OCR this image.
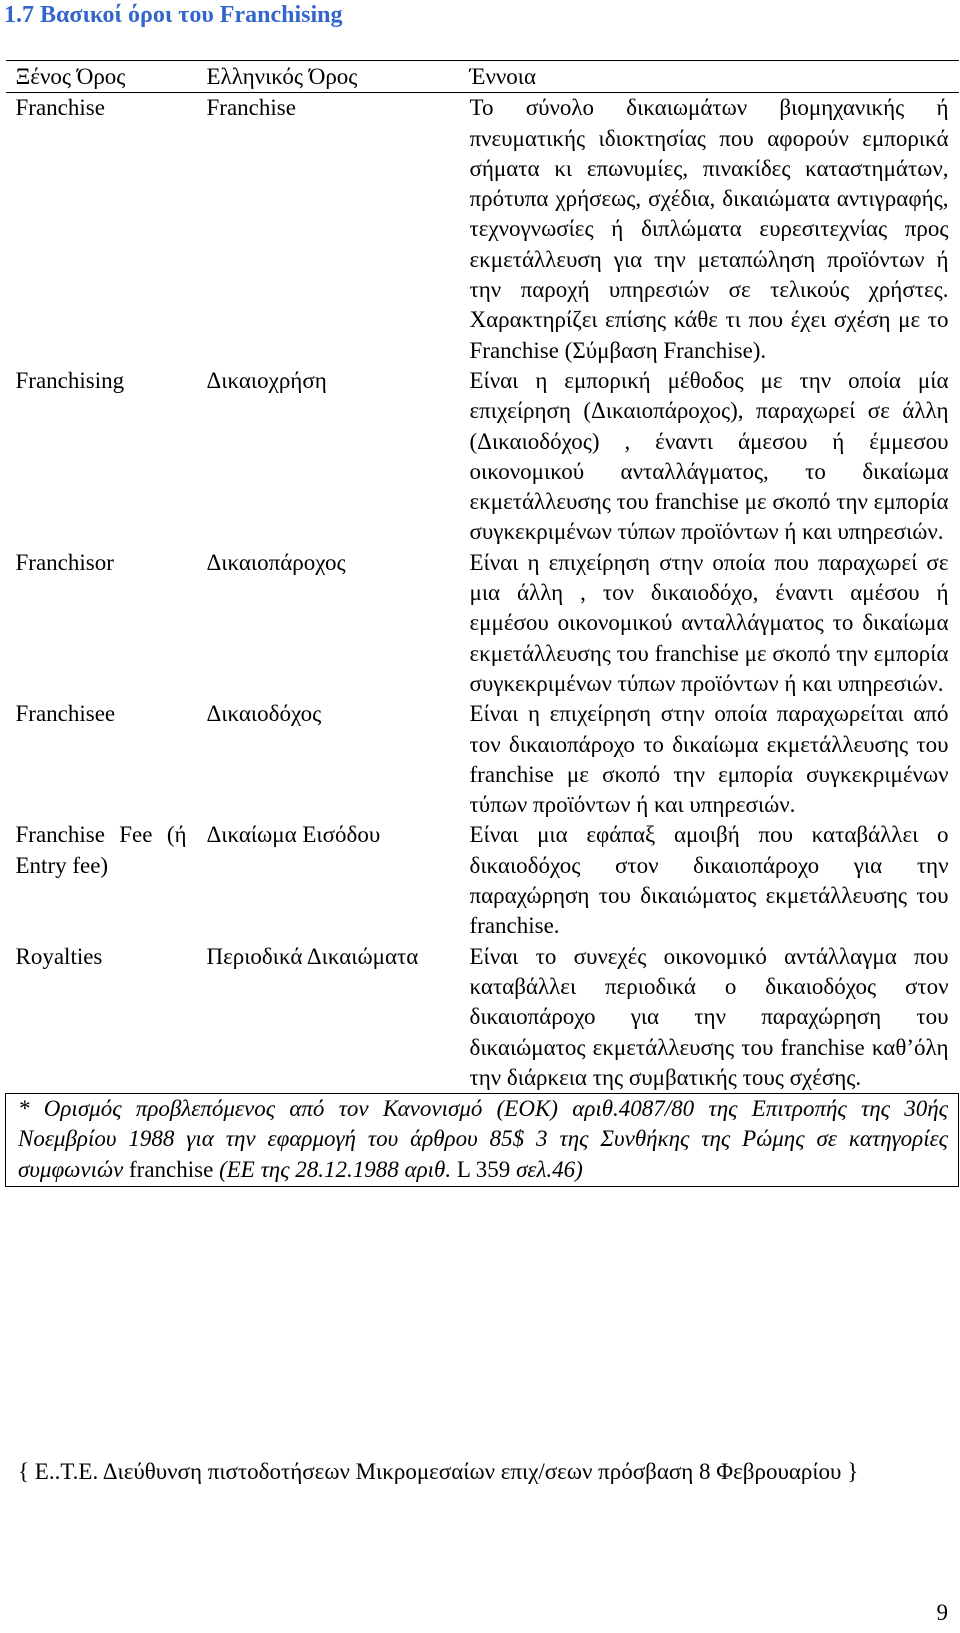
1.7 Βασικοί όροι του Franchising
Ξένος Όρος	Ελληνικός Όρος	Έννοια
Franchise	Franchise	Το σύνολο δικαιωμάτων βιομηχανικής ή πνευματικής ιδιοκτησίας που αφορούν εμπορικά σήματα κι επωνυμίες, πινακίδες καταστημάτων, πρότυπα χρήσεως, σχέδια, δικαιώματα αντιγραφής, τεχνογνωσίες ή διπλώματα ευρεσιτεχνίας προς εκμετάλλευση για την μεταπώληση προϊόντων ή την παροχή υπηρεσιών σε τελικούς χρήστες. Χαρακτηρίζει επίσης κάθε τι που έχει σχέση με το Franchise (Σύμβαση Franchise).
Franchising	Δικαιοχρήση	Είναι η εμπορική μέθοδος με την οποία μία επιχείρηση (Δικαιοπάροχος), παραχωρεί σε άλλη (Δικαιοδόχος) , έναντι άμεσου ή έμμεσου οικονομικού ανταλλάγματος, το δικαίωμα εκμετάλλευσης του franchise με σκοπό την εμπορία συγκεκριμένων τύπων προϊόντων ή και υπηρεσιών.
Franchisor	Δικαιοπάροχος	Είναι η επιχείρηση στην οποία που παραχωρεί σε μια άλλη , τον δικαιοδόχο, έναντι αμέσου ή εμμέσου οικονομικού ανταλλάγματος το δικαίωμα εκμετάλλευσης του franchise με σκοπό την εμπορία συγκεκριμένων τύπων προϊόντων ή και υπηρεσιών.
Franchisee	Δικαιοδόχος	Είναι η επιχείρηση στην οποία παραχωρείται από τον δικαιοπάροχο το δικαίωμα εκμετάλλευσης του franchise με σκοπό την εμπορία συγκεκριμένων τύπων προϊόντων ή και υπηρεσιών.
Franchise Fee (ή Entry fee)	Δικαίωμα Εισόδου	Είναι μια εφάπαξ αμοιβή που καταβάλλει ο δικαιοδόχος στον δικαιοπάροχο για την παραχώρηση του δικαιώματος εκμετάλλευσης του franchise.
Royalties	Περιοδικά Δικαιώματα	Είναι το συνεχές οικονομικό αντάλλαγμα που καταβάλλει περιοδικά ο δικαιοδόχος στον δικαιοπάροχο για την παραχώρηση του δικαιώματος εκμετάλλευσης του franchise καθ’όλη την διάρκεια της συμβατικής τους σχέσης.
* Ορισμός προβλεπόμενος από τον Κανονισμό (ΕΟΚ) αριθ.4087/80 της Επιτροπής της 30ής Νοεμβρίου 1988 για την εφαρμογή του άρθρου 85$ 3 της Συνθήκης της Ρώμης σε κατηγορίες συμφωνιών franchise (ΕΕ της 28.12.1988 αριθ. L 359 σελ.46)		

{ Ε..Τ.Ε. Διεύθυνση πιστοδοτήσεων Μικρομεσαίων επιχ/σεων πρόσβαση 8 Φεβρουαρίου }

9
